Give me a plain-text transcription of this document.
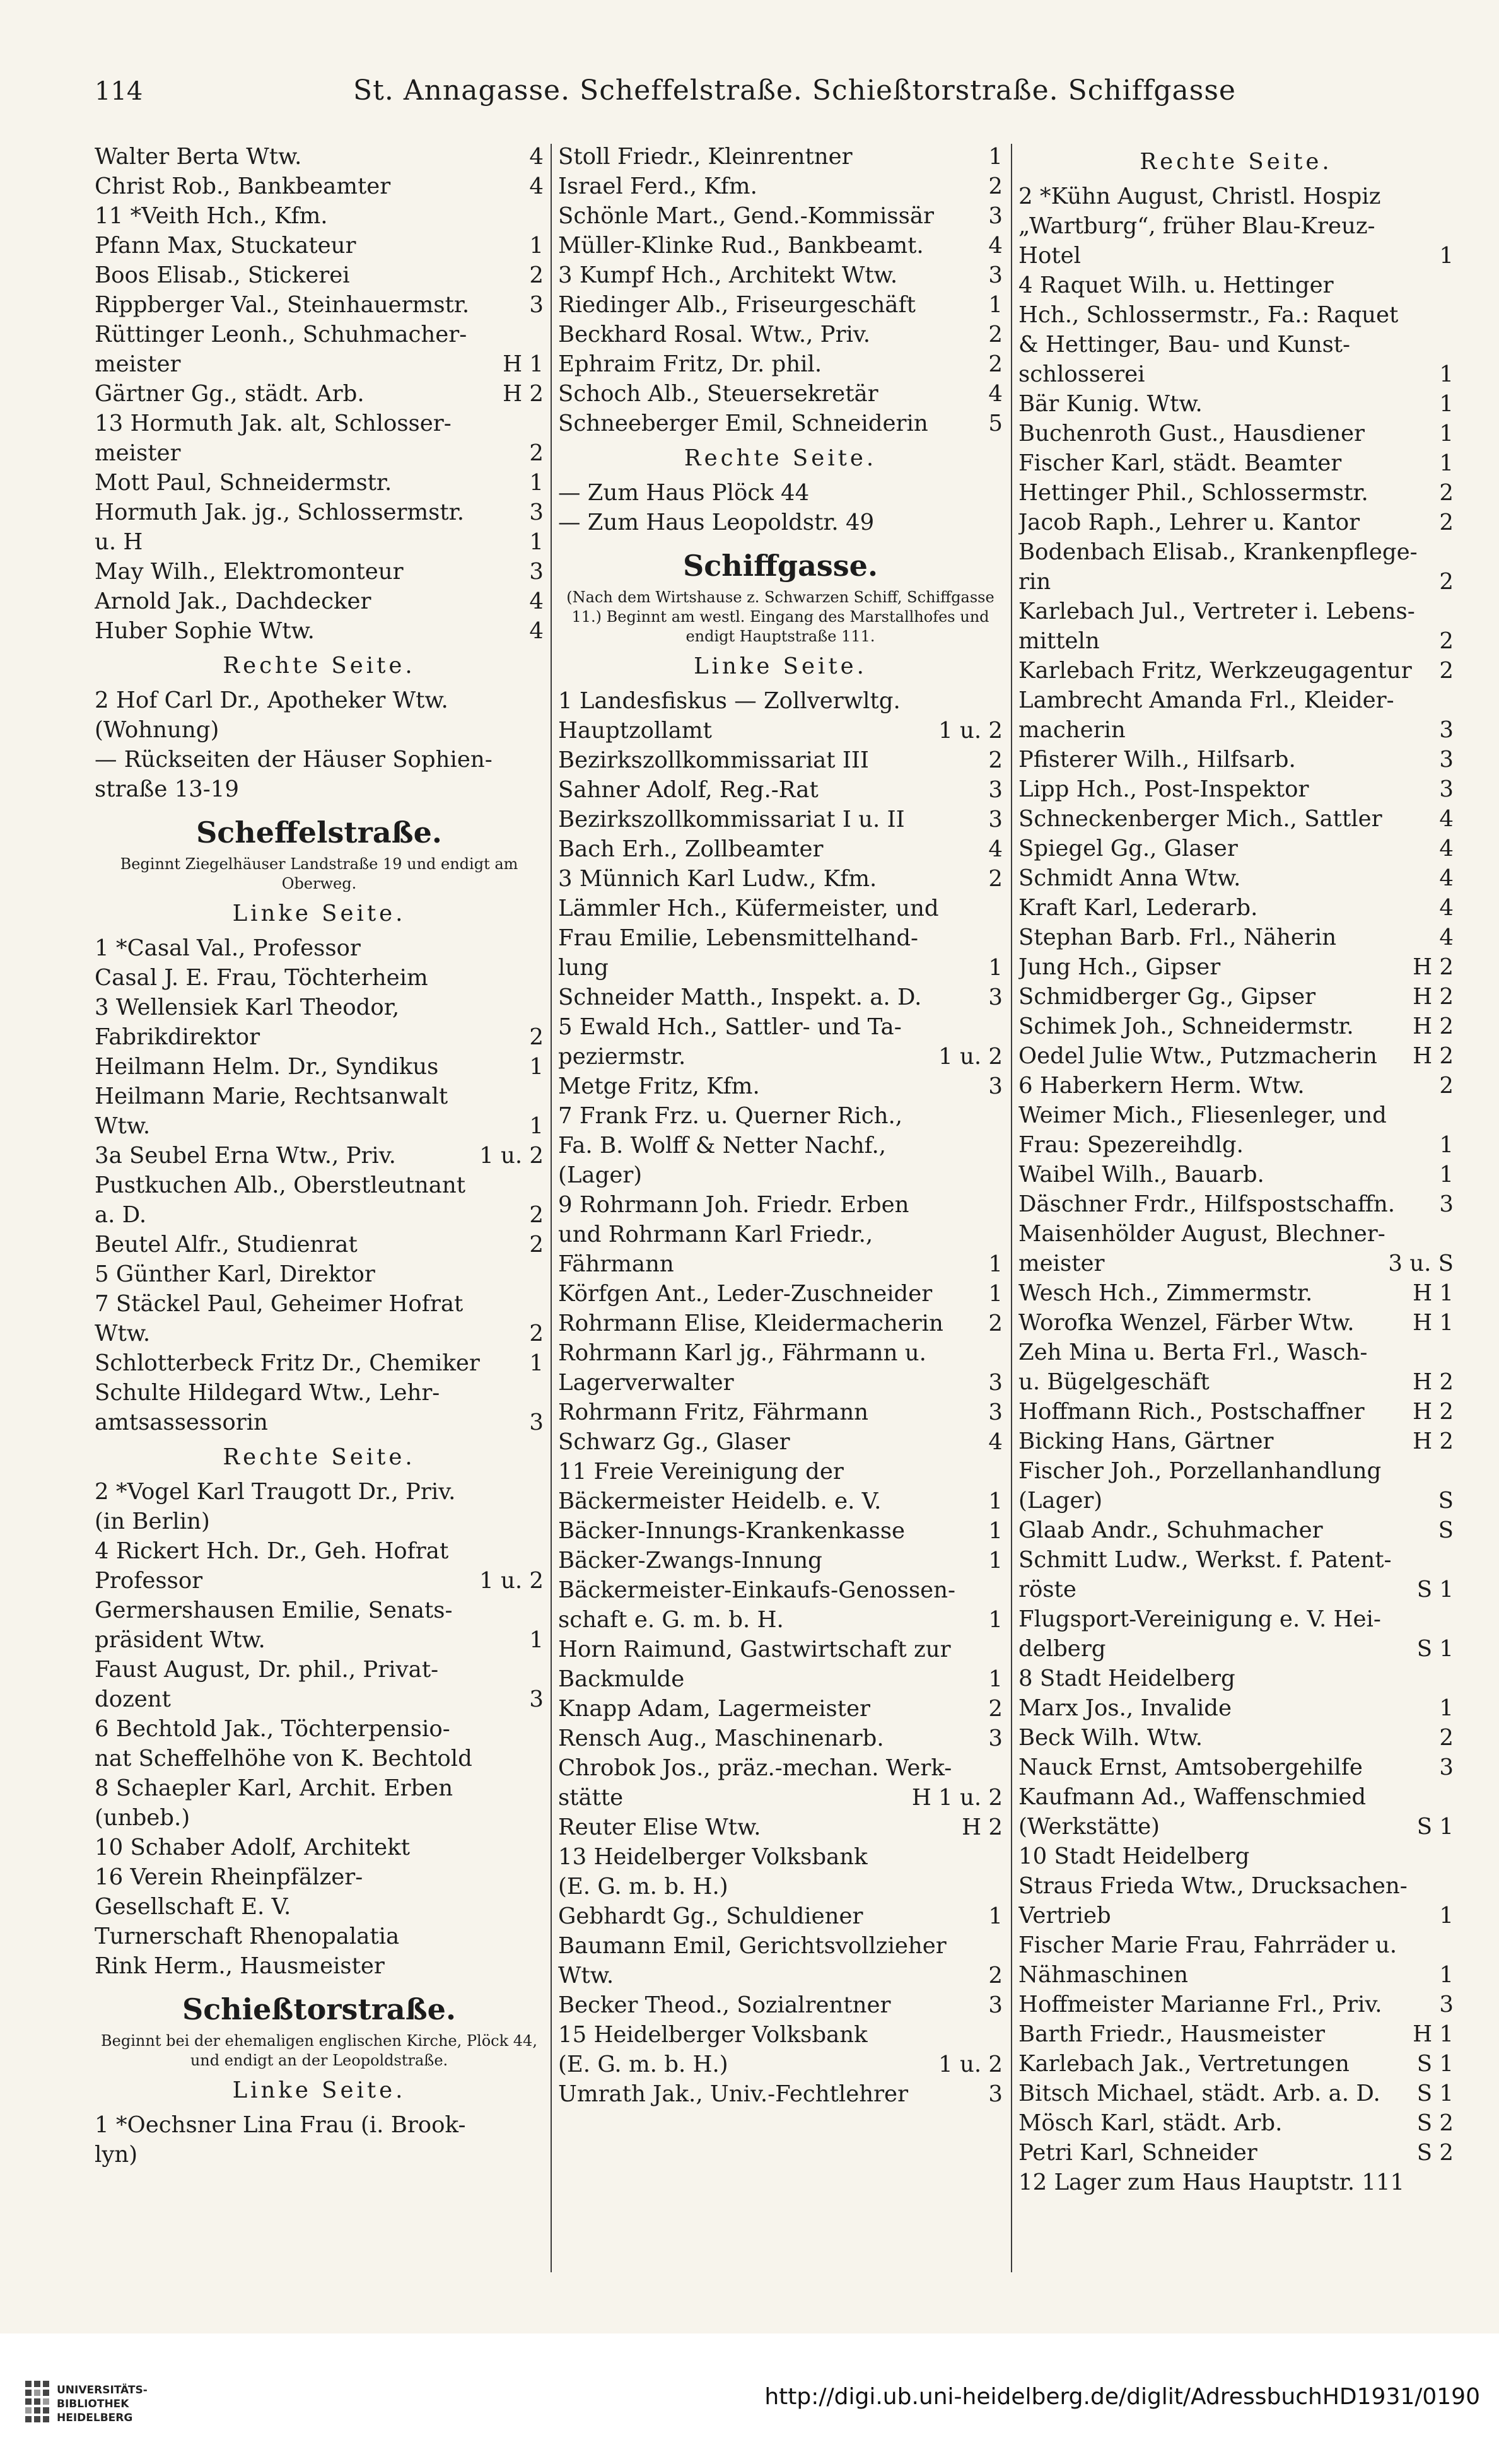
114	St. Annagasse. Scheffelstraße. Schießtorstraße. Schiffgasse
Walter Berta Wtw.	4
Christ Rob., Bankbeamter	4
11 *Veith Hch., Kfm.
Pfann Max, Stuckateur	1
Boos Elisab., Stickerei	2
Rippberger Val., Steinhauermstr.	3
Rüttinger Leonh., Schuhmacher-
meister	H 1
Gärtner Gg., städt. Arb.	H 2
13 Hormuth Jak. alt, Schlosser-
meister	2
Mott Paul, Schneidermstr.	1
Hormuth Jak. jg., Schlossermstr.	3
u. H	1
May Wilh., Elektromonteur	3
Arnold Jak., Dachdecker	4
Huber Sophie Wtw.	4
Rechte Seite.
2 Hof Carl Dr., Apotheker Wtw.
(Wohnung)
— Rückseiten der Häuser Sophien-
straße 13-19
Scheffelstraße.
Beginnt Ziegelhäuser Landstraße 19 und endigt am Oberweg.
Linke Seite.
1 *Casal Val., Professor
Casal J. E. Frau, Töchterheim
3 Wellensiek Karl Theodor,
Fabrikdirektor	2
Heilmann Helm. Dr., Syndikus	1
Heilmann Marie, Rechtsanwalt
Wtw.	1
3a Seubel Erna Wtw., Priv.	1 u. 2
Pustkuchen Alb., Oberstleutnant
a. D.	2
Beutel Alfr., Studienrat	2
5 Günther Karl, Direktor
7 Stäckel Paul, Geheimer Hofrat
Wtw.	2
Schlotterbeck Fritz Dr., Chemiker 1
Schulte Hildegard Wtw., Lehr-
amtsassessorin	3
Rechte Seite.
2 *Vogel Karl Traugott Dr., Priv.
(in Berlin)
4 Rickert Hch. Dr., Geh. Hofrat
Professor	1 u. 2
Germershausen Emilie, Senats-
präsident Wtw.	1
Faust August, Dr. phil., Privat-
dozent	3
6 Bechtold Jak., Töchterpensio-
nat Scheffelhöhe von K. Bechtold
8 Schaepler Karl, Archit. Erben
(unbeb.)
10 Schaber Adolf, Architekt
16 Verein Rheinpfälzer-
Gesellschaft E. V.
Turnerschaft Rhenopalatia
Rink Herm., Hausmeister
Schießtorstraße.
Beginnt bei der ehemaligen englischen Kirche, Plöck 44, und endigt an der Leopoldstraße.
Linke Seite.
1 *Oechsner Lina Frau (i. Brook-
lyn)
Stoll Friedr., Kleinrentner	1
Israel Ferd., Kfm.	2
Schönle Mart., Gend.-Kommissär 3
Müller-Klinke Rud., Bankbeamt.	4
3 Kumpf Hch., Architekt Wtw.	3
Riedinger Alb., Friseurgeschäft	1
Beckhard Rosal. Wtw., Priv.	2
Ephraim Fritz, Dr. phil.	2
Schoch Alb., Steuersekretär	4
Schneeberger Emil, Schneiderin	5
Rechte Seite.
— Zum Haus Plöck 44
— Zum Haus Leopoldstr. 49
Schiffgasse.
(Nach dem Wirtshause z. Schwarzen Schiff, Schiffgasse 11.) Beginnt am westl. Eingang des Marstallhofes und endigt Hauptstraße 111.
Linke Seite.
1 Landesfiskus — Zollverwltg.
Hauptzollamt	1 u. 2
Bezirkszollkommissariat III	2
Sahner Adolf, Reg.-Rat	3
Bezirkszollkommissariat I u. II	3
Bach Erh., Zollbeamter	4
3 Münnich Karl Ludw., Kfm.	2
Lämmler Hch., Küfermeister, und
Frau Emilie, Lebensmittelhand-
lung	1
Schneider Matth., Inspekt. a. D.	3
5 Ewald Hch., Sattler- und Ta-
peziermstr.	1 u. 2
Metge Fritz, Kfm.	3
7 Frank Frz. u. Querner Rich.,
Fa. B. Wolff & Netter Nachf.,
(Lager)
9 Rohrmann Joh. Friedr. Erben
und Rohrmann Karl Friedr.,
Fährmann	1
Körfgen Ant., Leder-Zuschneider	1
Rohrmann Elise, Kleidermacherin 2
Rohrmann Karl jg., Fährmann u.
Lagerverwalter	3
Rohrmann Fritz, Fährmann	3
Schwarz Gg., Glaser	4
11 Freie Vereinigung der
Bäckermeister Heidelb. e. V.	1
Bäcker-Innungs-Krankenkasse	1
Bäcker-Zwangs-Innung	1
Bäckermeister-Einkaufs-Genossen-
schaft e. G. m. b. H.	1
Horn Raimund, Gastwirtschaft zur
Backmulde	1
Knapp Adam, Lagermeister	2
Rensch Aug., Maschinenarb.	3
Chrobok Jos., präz.-mechan. Werk-
stätte	H 1 u. 2
Reuter Elise Wtw.	H 2
13 Heidelberger Volksbank
(E. G. m. b. H.)
Gebhardt Gg., Schuldiener	1
Baumann Emil, Gerichtsvollzieher
Wtw.	2
Becker Theod., Sozialrentner	3
15 Heidelberger Volksbank
(E. G. m. b. H.)	1 u. 2
Umrath Jak., Univ.-Fechtlehrer	3
Rechte Seite.
2 *Kühn August, Christl. Hospiz
„Wartburg“, früher Blau-Kreuz-
Hotel	1
4 Raquet Wilh. u. Hettinger
Hch., Schlossermstr., Fa.: Raquet
& Hettinger, Bau- und Kunst-
schlosserei	1
Bär Kunig. Wtw.	1
Buchenroth Gust., Hausdiener	1
Fischer Karl, städt. Beamter	1
Hettinger Phil., Schlossermstr.	2
Jacob Raph., Lehrer u. Kantor	2
Bodenbach Elisab., Krankenpflege-
rin	2
Karlebach Jul., Vertreter i. Lebens-
mitteln	2
Karlebach Fritz, Werkzeugagentur 2
Lambrecht Amanda Frl., Kleider-
macherin	3
Pfisterer Wilh., Hilfsarb.	3
Lipp Hch., Post-Inspektor	3
Schneckenberger Mich., Sattler	4
Spiegel Gg., Glaser	4
Schmidt Anna Wtw.	4
Kraft Karl, Lederarb.	4
Stephan Barb. Frl., Näherin	4
Jung Hch., Gipser	H 2
Schmidberger Gg., Gipser	H 2
Schimek Joh., Schneidermstr.	H 2
Oedel Julie Wtw., Putzmacherin H 2
6 Haberkern Herm. Wtw.	2
Weimer Mich., Fliesenleger, und
Frau: Spezereihdlg.	1
Waibel Wilh., Bauarb.	1
Däschner Frdr., Hilfspostschaffn. 3
Maisenhölder August, Blechner-
meister	3 u. S
Wesch Hch., Zimmermstr.	H 1
Worofka Wenzel, Färber Wtw.	H 1
Zeh Mina u. Berta Frl., Wasch-
u. Bügelgeschäft	H 2
Hoffmann Rich., Postschaffner H 2
Bicking Hans, Gärtner	H 2
Fischer Joh., Porzellanhandlung
(Lager)	S
Glaab Andr., Schuhmacher	S
Schmitt Ludw., Werkst. f. Patent-
röste	S 1
Flugsport-Vereinigung e. V. Hei-
delberg	S 1
8 Stadt Heidelberg
Marx Jos., Invalide	1
Beck Wilh. Wtw.	2
Nauck Ernst, Amtsobergehilfe	3
Kaufmann Ad., Waffenschmied
(Werkstätte)	S 1
10 Stadt Heidelberg
Straus Frieda Wtw., Drucksachen-
Vertrieb	1
Fischer Marie Frau, Fahrräder u.
Nähmaschinen	1
Hoffmeister Marianne Frl., Priv.	3
Barth Friedr., Hausmeister	H 1
Karlebach Jak., Vertretungen	S 1
Bitsch Michael, städt. Arb. a. D. S 1
Mösch Karl, städt. Arb.	S 2
Petri Karl, Schneider	S 2
12 Lager zum Haus Hauptstr. 111
UNIVERSITÄTS-
BIBLIOTHEK
HEIDELBERG
http://digi.ub.uni-heidelberg.de/diglit/AdressbuchHD1931/0190
